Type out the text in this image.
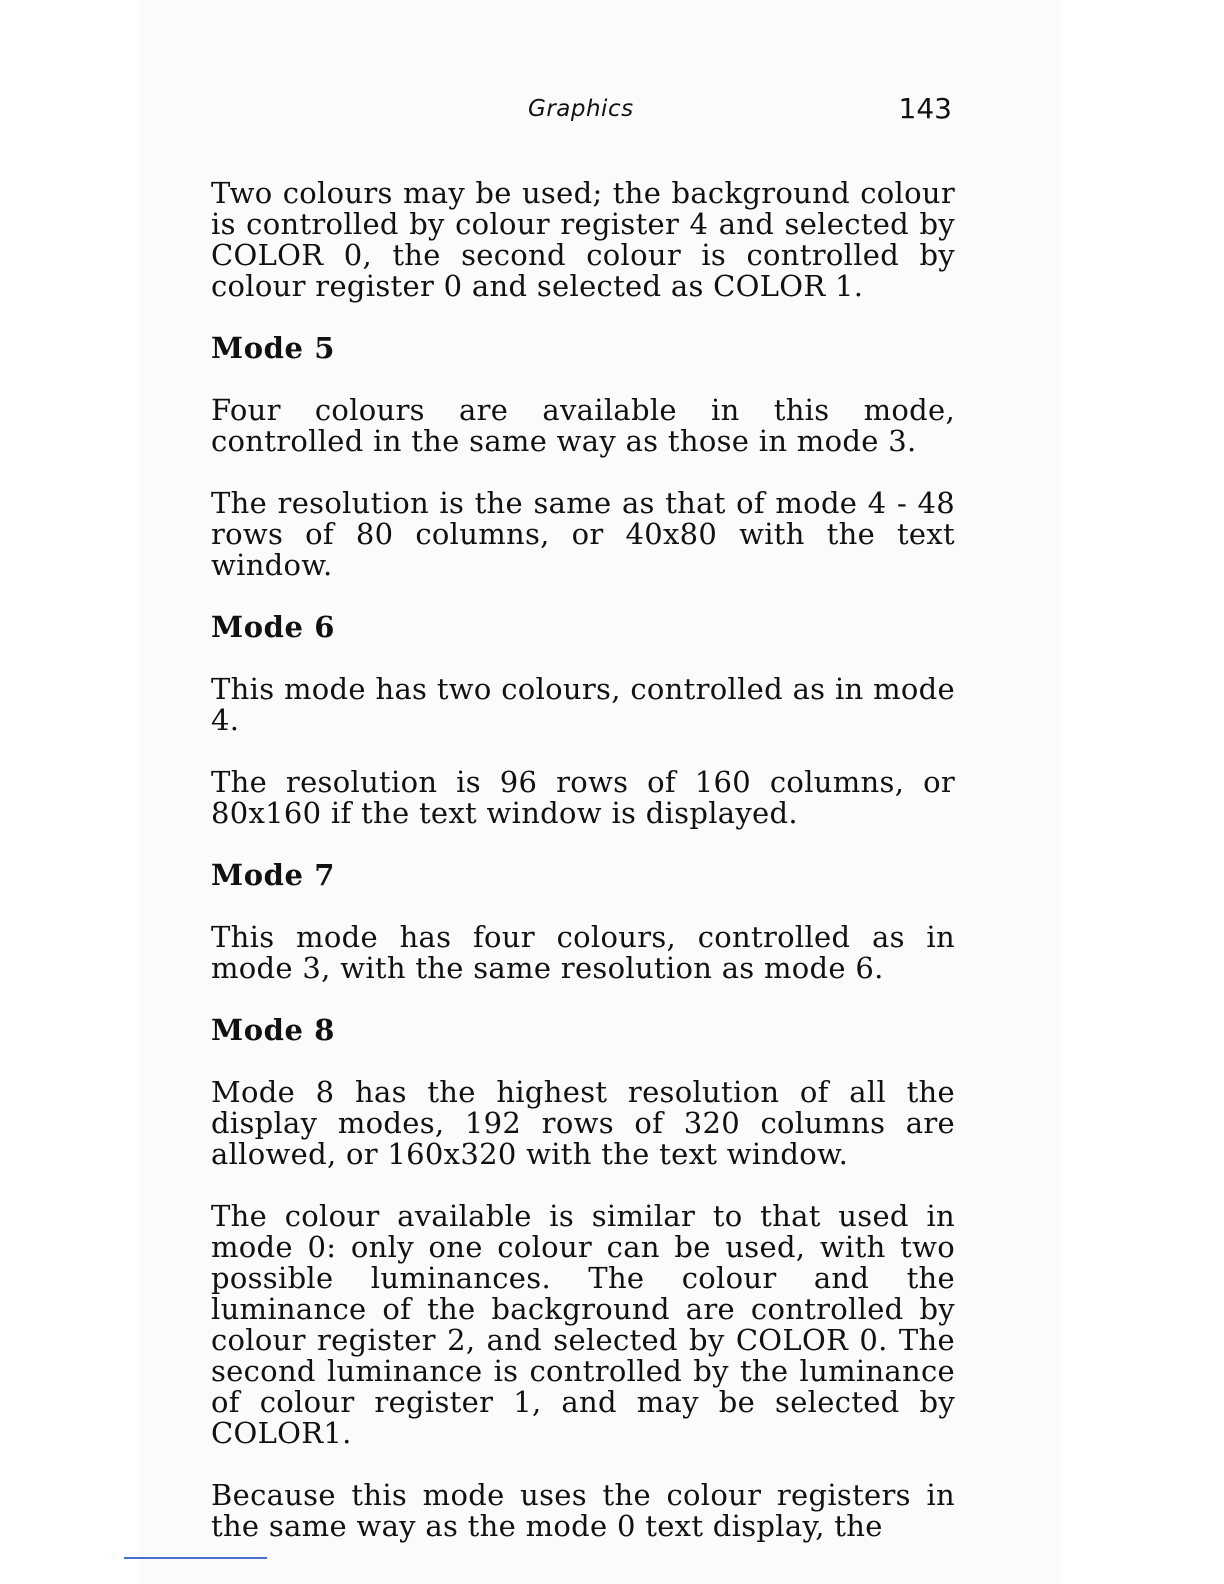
Graphics	143

Two colours may be used; the background colour is controlled by colour register 4 and selected by COLOR 0, the second colour is controlled by colour register 0 and selected as COLOR 1.

Mode 5

Four colours are available in this mode, controlled in the same way as those in mode 3.

The resolution is the same as that of mode 4 - 48 rows of 80 columns, or 40x80 with the text window.

Mode 6

This mode has two colours, controlled as in mode 4.

The resolution is 96 rows of 160 columns, or 80x160 if the text window is displayed.

Mode 7

This mode has four colours, controlled as in mode 3, with the same resolution as mode 6.

Mode 8

Mode 8 has the highest resolution of all the display modes, 192 rows of 320 columns are allowed, or 160x320 with the text window.

The colour available is similar to that used in mode 0: only one colour can be used, with two possible luminances. The colour and the luminance of the background are controlled by colour register 2, and selected by COLOR 0. The second luminance is controlled by the luminance of colour register 1, and may be selected by COLOR1.

Because this mode uses the colour registers in the same way as the mode 0 text display, the
